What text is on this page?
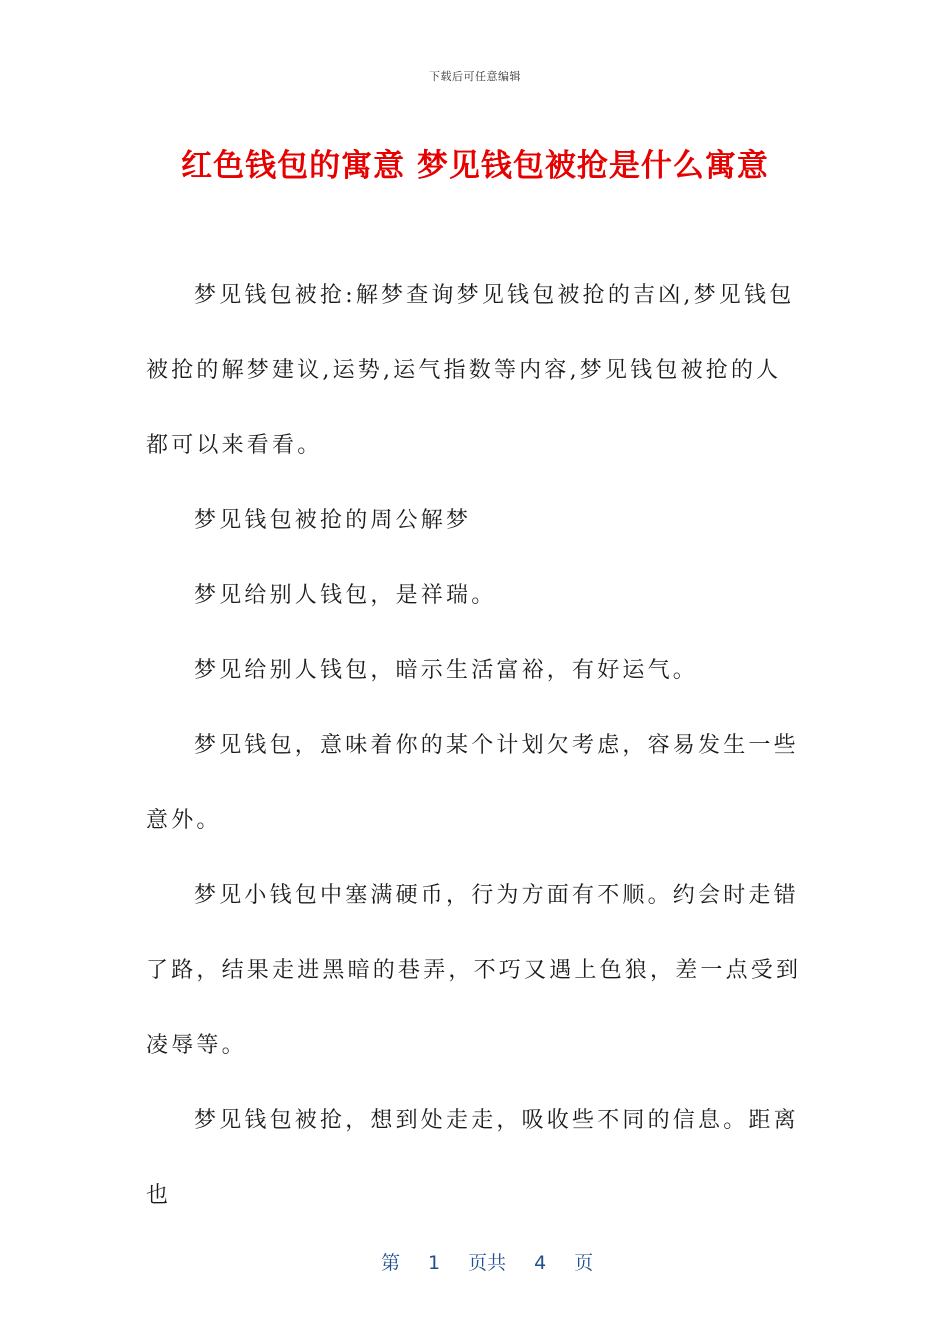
下载后可任意编辑
红色钱包的寓意 梦见钱包被抢是什么寓意

梦见钱包被抢:解梦查询梦见钱包被抢的吉凶,梦见钱包被抢的解梦建议,运势,运气指数等内容,梦见钱包被抢的人都可以来看看。

梦见钱包被抢的周公解梦

梦见给别人钱包，是祥瑞。

梦见给别人钱包，暗示生活富裕，有好运气。

梦见钱包，意味着你的某个计划欠考虑，容易发生一些意外。

梦见小钱包中塞满硬币，行为方面有不顺。约会时走错了路，结果走进黑暗的巷弄，不巧又遇上色狼，差一点受到凌辱等。

梦见钱包被抢，想到处走走，吸收些不同的信息。距离也

第 1 页共 4 页
